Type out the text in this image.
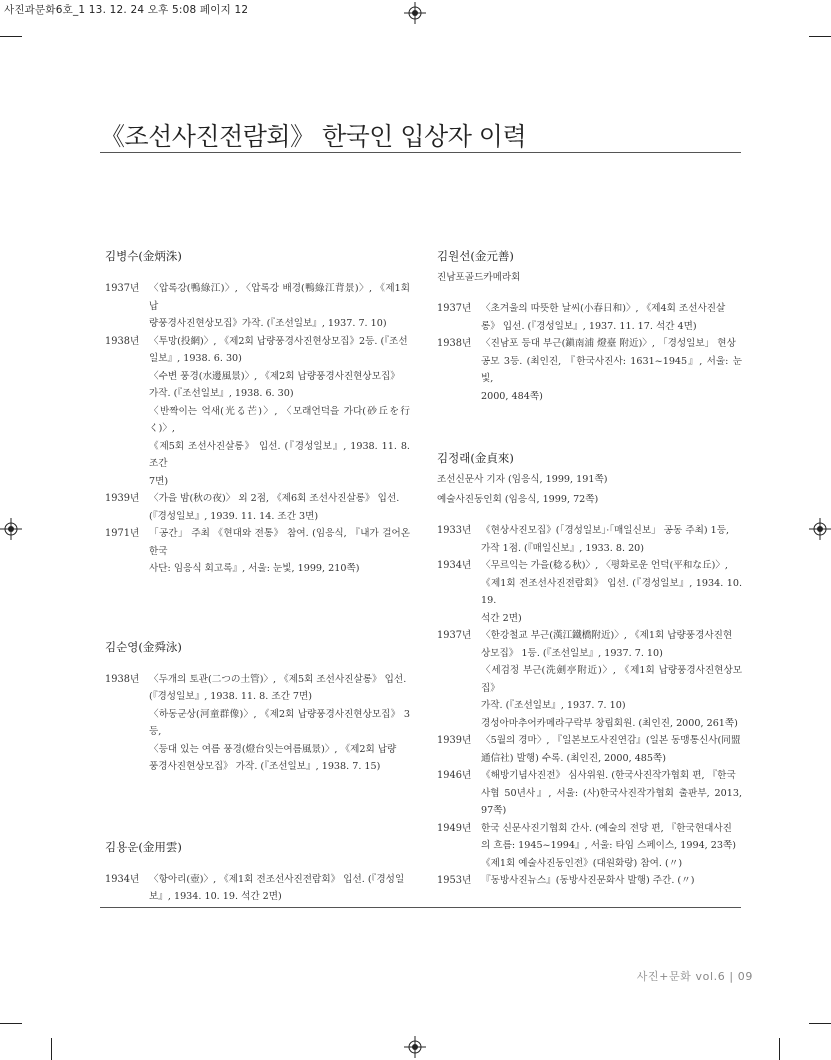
사진과문화6호_1 13. 12. 24 오후 5:08 페이지 12
《조선사진전람회》 한국인 입상자 이력
김병수(金炳洙)
1937년 〈압록강(鴨綠江)〉, 〈압록강 배경(鴨綠江背景)〉, 《제1회 납
량풍경사진현상모집》가작. (『조선일보』, 1937. 7. 10)
1938년 〈투망(投網)〉, 《제2회 납량풍경사진현상모집》2등. (『조선
일보』, 1938. 6. 30)
〈수변 풍경(水邊風景)〉, 《제2회 납량풍경사진현상모집》
가작. (『조선일보』, 1938. 6. 30)
〈반짝이는 억새(光る芒)〉, 〈모래언덕을 가다(砂丘を行く)〉,
《제5회 조선사진살롱》 입선. (『경성일보』, 1938. 11. 8. 조간
7면)
1939년 〈가을 밤(秋の夜)〉 외 2점, 《제6회 조선사진살롱》 입선.
(『경성일보』, 1939. 11. 14. 조간 3면)
1971년 「공간」 주최 《현대와 전통》 참여. (임응식, 『내가 걸어온 한국
사단: 임응식 회고록』, 서울: 눈빛, 1999, 210쪽)
김순영(金舜泳)
1938년 〈두개의 토관(二つの土管)〉, 《제5회 조선사진살롱》 입선.
(『경성일보』, 1938. 11. 8. 조간 7면)
〈하동군상(河童群像)〉, 《제2회 납량풍경사진현상모집》 3등,
〈등대 있는 여름 풍경(燈台잇는여름風景)〉, 《제2회 납량
풍경사진현상모집》 가작. (『조선일보』, 1938. 7. 15)
김용운(金用雲)
1934년 〈항아리(壺)〉, 《제1회 전조선사진전람회》 입선. (『경성일
보』, 1934. 10. 19. 석간 2면)
김원선(金元善)
진남포골드카메라회
1937년 〈초겨울의 따뜻한 날씨(小春日和)〉, 《제4회 조선사진살
롱》 입선. (『경성일보』, 1937. 11. 17. 석간 4면)
1938년 〈진남포 등대 부근(鎭南浦 燈臺 附近)〉, 「경성일보」 현상
공모 3등. (최인진, 『한국사진사: 1631~1945』, 서울: 눈빛,
2000, 484쪽)
김정래(金貞來)
조선신문사 기자 (임응식, 1999, 191쪽)
예술사진동인회 (임응식, 1999, 72쪽)
1933년 《현상사진모집》(「경성일보」·「매일신보」 공동 주최) 1등,
가작 1점. (『매일신보』, 1933. 8. 20)
1934년 〈무르익는 가을(稔る秋)〉, 〈평화로운 언덕(平和な丘)〉,
《제1회 전조선사진전람회》 입선. (『경성일보』, 1934. 10. 19.
석간 2면)
1937년 〈한강철교 부근(漢江鐵橋附近)〉, 《제1회 납량풍경사진현
상모집》 1등. (『조선일보』, 1937. 7. 10)
〈세검정 부근(洗劍亭附近)〉, 《제1회 납량풍경사진현상모집》
가작. (『조선일보』, 1937. 7. 10)
경성아마추어카메라구락부 창립회원. (최인진, 2000, 261쪽)
1939년 〈5월의 경마〉, 『일본보도사진연감』(일본 동맹통신사(同盟
通信社) 발행) 수록. (최인진, 2000, 485쪽)
1946년 《해방기념사진전》 심사위원. (한국사진작가협회 편, 『한국
사협 50년사』, 서울: (사)한국사진작가협회 출판부, 2013, 97쪽)
1949년 한국 신문사진기협회 간사. (예술의 전당 편, 『한국현대사진
의 흐름: 1945~1994』, 서울: 타임 스페이스, 1994, 23쪽)
《제1회 예술사진동인전》(대원화랑) 참여. (〃)
1953년 『동방사진뉴스』(동방사진문화사 발행) 주간. (〃)
사진+문화 vol.6 | 09
